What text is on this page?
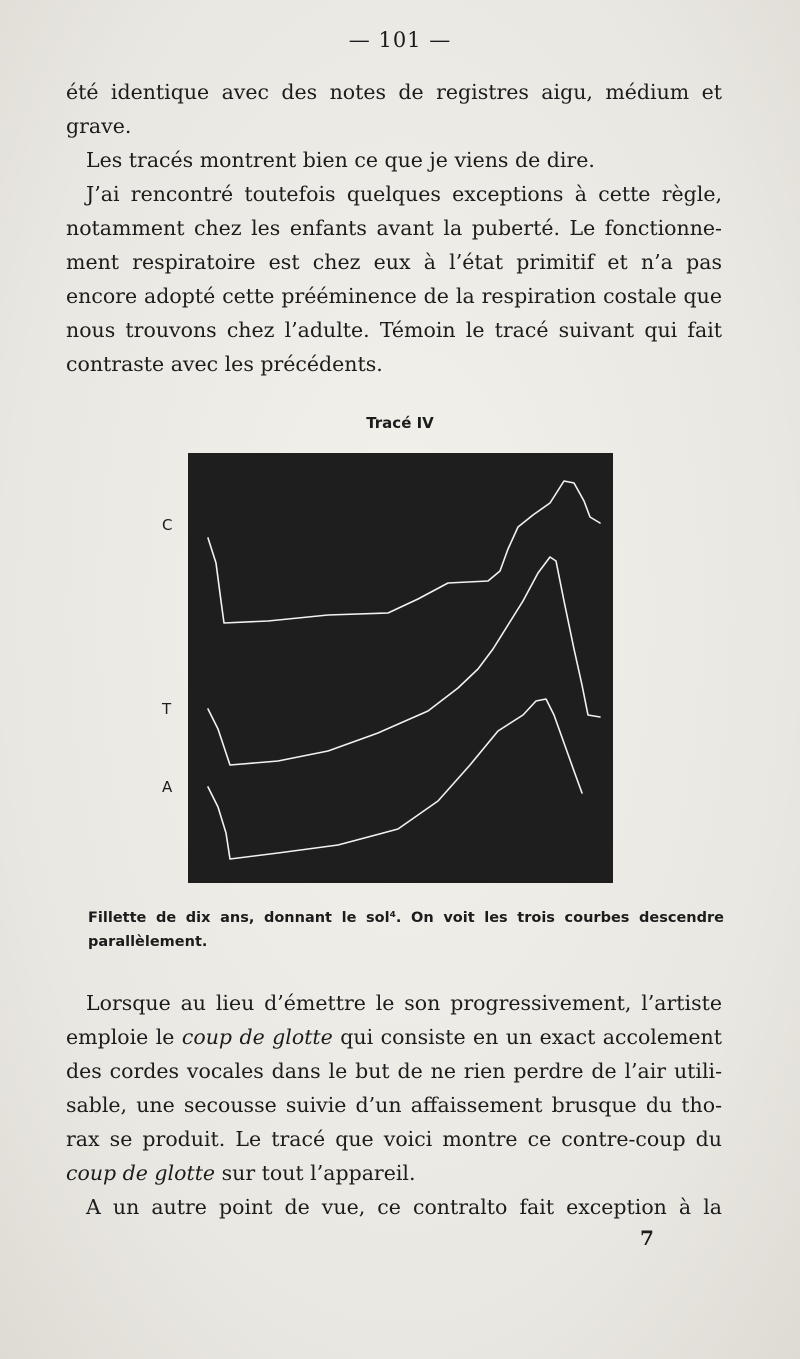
— 101 —

été identique avec des notes de registres aigu, médium et
grave.

Les tracés montrent bien ce que je viens de dire.

J’ai rencontré toutefois quelques exceptions à cette règle,
notamment chez les enfants avant la puberté. Le fonctionne-
ment respiratoire est chez eux à l’état primitif et n’a pas
encore adopté cette prééminence de la respiration costale que
nous trouvons chez l’adulte. Témoin le tracé suivant qui fait
contraste avec les précédents.

Tracé IV
C
T
A

Fillette de dix ans, donnant le sol⁴. On voit les trois courbes descendre
parallèlement.

Lorsque au lieu d’émettre le son progressivement, l’artiste
emploie le coup de glotte qui consiste en un exact accolement
des cordes vocales dans le but de ne rien perdre de l’air utili-
sable, une secousse suivie d’un affaissement brusque du tho-
rax se produit. Le tracé que voici montre ce contre-coup du
coup de glotte sur tout l’appareil.

A un autre point de vue, ce contralto fait exception à la

7
